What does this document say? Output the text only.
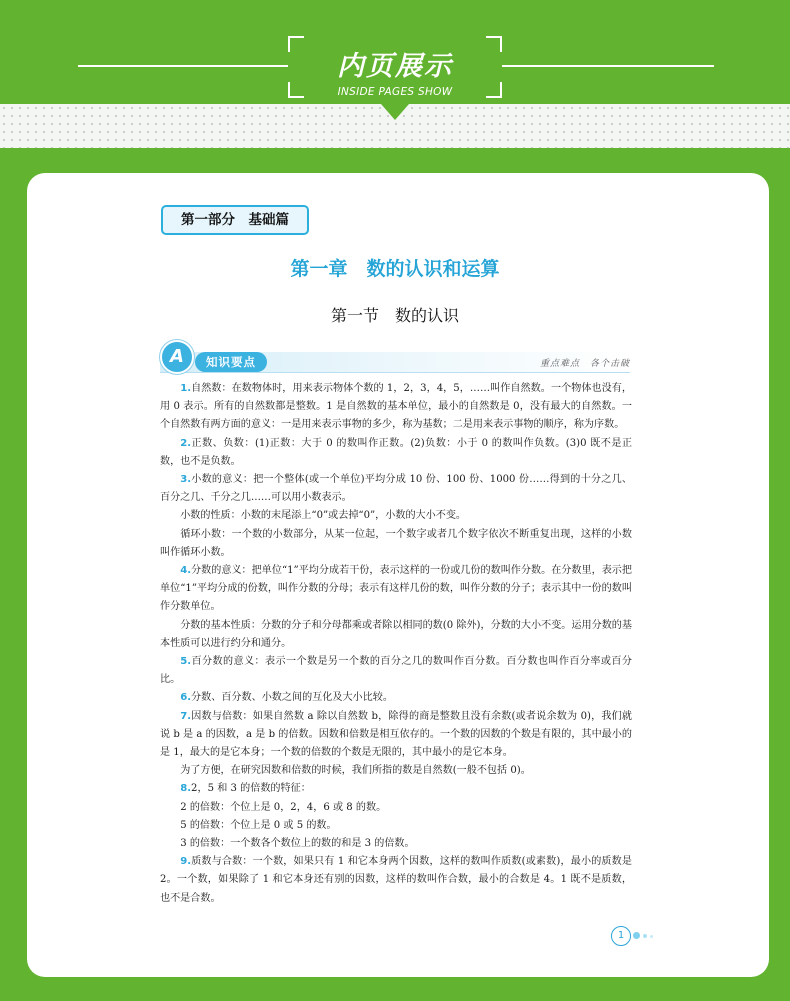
内页展示
INSIDE PAGES SHOW
第一部分　基础篇
第一章　数的认识和运算
第一节　数的认识
A	知识要点	重点难点　各个击破

1.自然数：在数物体时，用来表示物体个数的 1，2，3，4，5，……叫作自然数。一个物体也没有，用 0 表示。所有的自然数都是整数。1 是自然数的基本单位，最小的自然数是 0，没有最大的自然数。一个自然数有两方面的意义：一是用来表示事物的多少，称为基数；二是用来表示事物的顺序，称为序数。

2.正数、负数：(1)正数：大于 0 的数叫作正数。(2)负数：小于 0 的数叫作负数。(3)0 既不是正数，也不是负数。

3.小数的意义：把一个整体(或一个单位)平均分成 10 份、100 份、1000 份……得到的十分之几、百分之几、千分之几……可以用小数表示。

小数的性质：小数的末尾添上“0”或去掉“0”，小数的大小不变。

循环小数：一个数的小数部分，从某一位起，一个数字或者几个数字依次不断重复出现，这样的小数叫作循环小数。

4.分数的意义：把单位“1”平均分成若干份，表示这样的一份或几份的数叫作分数。在分数里，表示把单位“1”平均分成的份数，叫作分数的分母；表示有这样几份的数，叫作分数的分子；表示其中一份的数叫作分数单位。

分数的基本性质：分数的分子和分母都乘或者除以相同的数(0 除外)，分数的大小不变。运用分数的基本性质可以进行约分和通分。

5.百分数的意义：表示一个数是另一个数的百分之几的数叫作百分数。百分数也叫作百分率或百分比。

6.分数、百分数、小数之间的互化及大小比较。

7.因数与倍数：如果自然数 a 除以自然数 b，除得的商是整数且没有余数(或者说余数为 0)，我们就说 b 是 a 的因数，a 是 b 的倍数。因数和倍数是相互依存的。一个数的因数的个数是有限的，其中最小的是 1，最大的是它本身；一个数的倍数的个数是无限的，其中最小的是它本身。

为了方便，在研究因数和倍数的时候，我们所指的数是自然数(一般不包括 0)。

8.2，5 和 3 的倍数的特征：

2 的倍数：个位上是 0，2，4，6 或 8 的数。

5 的倍数：个位上是 0 或 5 的数。

3 的倍数：一个数各个数位上的数的和是 3 的倍数。

9.质数与合数：一个数，如果只有 1 和它本身两个因数，这样的数叫作质数(或素数)，最小的质数是 2。一个数，如果除了 1 和它本身还有别的因数，这样的数叫作合数，最小的合数是 4。1 既不是质数，也不是合数。

1
